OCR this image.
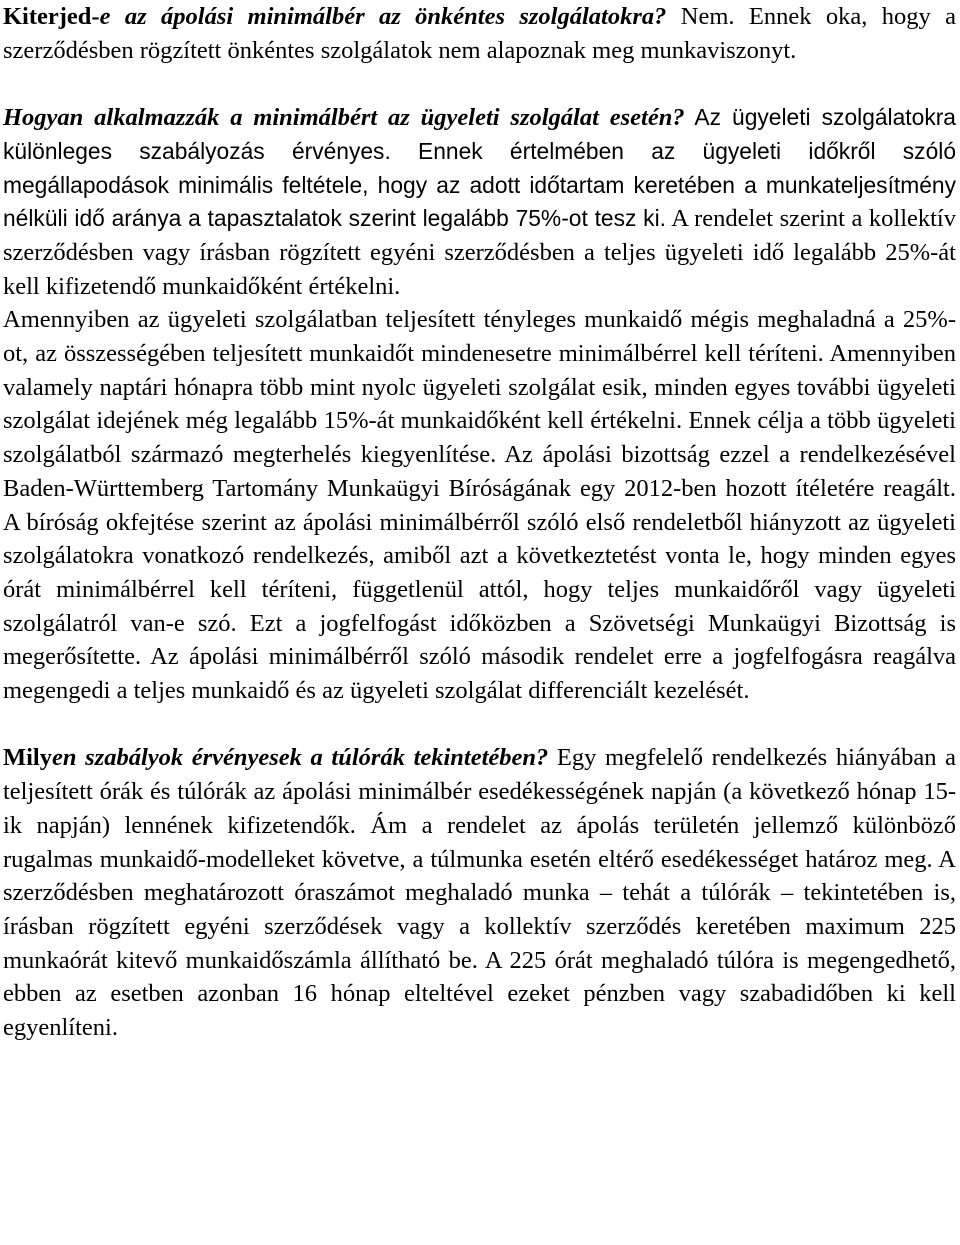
Kiterjed-e az ápolási minimálbér az önkéntes szolgálatokra? Nem. Ennek oka, hogy a szerződésben rögzített önkéntes szolgálatok nem alapoznak meg munkaviszonyt.

Hogyan alkalmazzák a minimálbért az ügyeleti szolgálat esetén? Az ügyeleti szolgálatokra különleges szabályozás érvényes. Ennek értelmében az ügyeleti időkről szóló megállapodások minimális feltétele, hogy az adott időtartam keretében a munkateljesítmény nélküli idő aránya a tapasztalatok szerint legalább 75%-ot tesz ki. A rendelet szerint a kollektív szerződésben vagy írásban rögzített egyéni szerződésben a teljes ügyeleti idő legalább 25%-át kell kifizetendő munkaidőként értékelni.

Amennyiben az ügyeleti szolgálatban teljesített tényleges munkaidő mégis meghaladná a 25%-ot, az összességében teljesített munkaidőt mindenesetre minimálbérrel kell téríteni. Amennyiben valamely naptári hónapra több mint nyolc ügyeleti szolgálat esik, minden egyes további ügyeleti szolgálat idejének még legalább 15%-át munkaidőként kell értékelni. Ennek célja a több ügyeleti szolgálatból származó megterhelés kiegyenlítése. Az ápolási bizottság ezzel a rendelkezésével Baden-Württemberg Tartomány Munkaügyi Bíróságának egy 2012-ben hozott ítéletére reagált. A bíróság okfejtése szerint az ápolási minimálbérről szóló első rendeletből hiányzott az ügyeleti szolgálatokra vonatkozó rendelkezés, amiből azt a következtetést vonta le, hogy minden egyes órát minimálbérrel kell téríteni, függetlenül attól, hogy teljes munkaidőről vagy ügyeleti szolgálatról van-e szó. Ezt a jogfelfogást időközben a Szövetségi Munkaügyi Bizottság is megerősítette. Az ápolási minimálbérről szóló második rendelet erre a jogfelfogásra reagálva megengedi a teljes munkaidő és az ügyeleti szolgálat differenciált kezelését.

Milyen szabályok érvényesek a túlórák tekintetében? Egy megfelelő rendelkezés hiányában a teljesített órák és túlórák az ápolási minimálbér esedékességének napján (a következő hónap 15-ik napján) lennének kifizetendők. Ám a rendelet az ápolás területén jellemző különböző rugalmas munkaidő-modelleket követve, a túlmunka esetén eltérő esedékességet határoz meg. A szerződésben meghatározott óraszámot meghaladó munka – tehát a túlórák – tekintetében is, írásban rögzített egyéni szerződések vagy a kollektív szerződés keretében maximum 225 munkaórát kitevő munkaidőszámla állítható be. A 225 órát meghaladó túlóra is megengedhető, ebben az esetben azonban 16 hónap elteltével ezeket pénzben vagy szabadidőben ki kell egyenlíteni.
